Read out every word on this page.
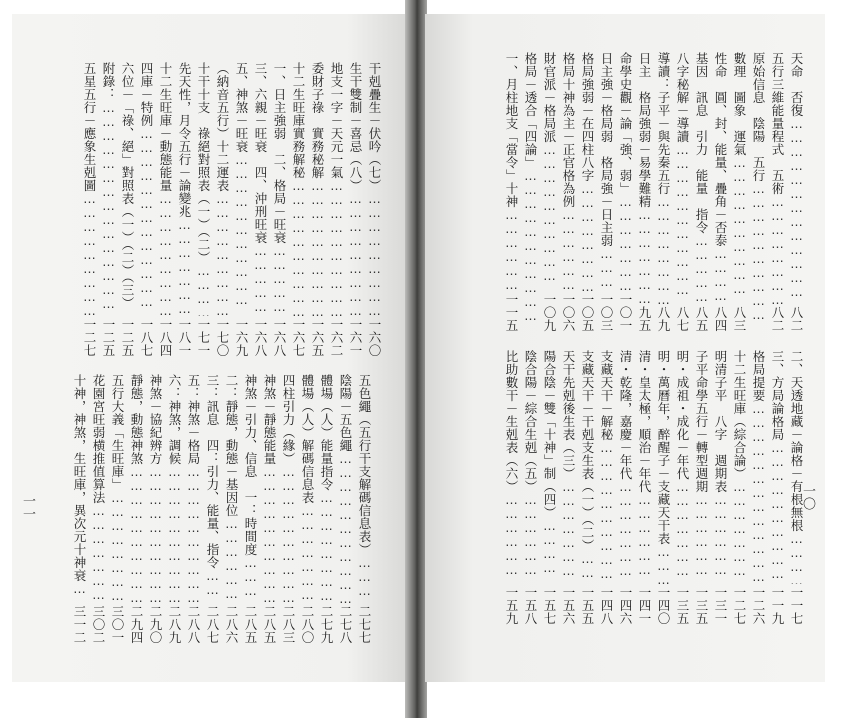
干剋疊生－伏吟（七）
⋯⋯⋯⋯⋯⋯⋯⋯⋯⋯⋯⋯⋯⋯⋯⋯⋯⋯⋯⋯⋯⋯⋯⋯⋯⋯⋯⋯⋯
一六〇
生干雙制－喜忌（八）
⋯⋯⋯⋯⋯⋯⋯⋯⋯⋯⋯⋯⋯⋯⋯⋯⋯⋯⋯⋯⋯⋯⋯⋯⋯⋯⋯⋯⋯
一六一
地支一字－天元一氣
⋯⋯⋯⋯⋯⋯⋯⋯⋯⋯⋯⋯⋯⋯⋯⋯⋯⋯⋯⋯⋯⋯⋯⋯⋯⋯⋯⋯⋯
一六二
委財子祿　實務秘解
⋯⋯⋯⋯⋯⋯⋯⋯⋯⋯⋯⋯⋯⋯⋯⋯⋯⋯⋯⋯⋯⋯⋯⋯⋯⋯⋯⋯⋯
一六五
十二生旺庫實務解秘
⋯⋯⋯⋯⋯⋯⋯⋯⋯⋯⋯⋯⋯⋯⋯⋯⋯⋯⋯⋯⋯⋯⋯⋯⋯⋯⋯⋯⋯
一六七
一、日主強弱　二、格局－旺衰
⋯⋯⋯⋯⋯⋯⋯⋯⋯⋯⋯⋯⋯⋯⋯⋯⋯⋯⋯⋯⋯⋯⋯⋯⋯⋯⋯⋯⋯
一六八
三、六親－旺衰　四、沖刑旺衰
⋯⋯⋯⋯⋯⋯⋯⋯⋯⋯⋯⋯⋯⋯⋯⋯⋯⋯⋯⋯⋯⋯⋯⋯⋯⋯⋯⋯⋯
一六八
五、神煞－旺衰
⋯⋯⋯⋯⋯⋯⋯⋯⋯⋯⋯⋯⋯⋯⋯⋯⋯⋯⋯⋯⋯⋯⋯⋯⋯⋯⋯⋯⋯
一六九
（納音五行）十二運表
⋯⋯⋯⋯⋯⋯⋯⋯⋯⋯⋯⋯⋯⋯⋯⋯⋯⋯⋯⋯⋯⋯⋯⋯⋯⋯⋯⋯⋯
一七〇
十干十支　祿絕對照表（一）（二）
⋯⋯⋯⋯⋯⋯⋯⋯⋯⋯⋯⋯⋯⋯⋯⋯⋯⋯⋯⋯⋯⋯⋯⋯⋯⋯⋯⋯⋯
一七一
先天性，月令五行－論變兆
⋯⋯⋯⋯⋯⋯⋯⋯⋯⋯⋯⋯⋯⋯⋯⋯⋯⋯⋯⋯⋯⋯⋯⋯⋯⋯⋯⋯⋯
一八一
十二生旺庫－動態能量
⋯⋯⋯⋯⋯⋯⋯⋯⋯⋯⋯⋯⋯⋯⋯⋯⋯⋯⋯⋯⋯⋯⋯⋯⋯⋯⋯⋯⋯
一八四
四庫－特例
⋯⋯⋯⋯⋯⋯⋯⋯⋯⋯⋯⋯⋯⋯⋯⋯⋯⋯⋯⋯⋯⋯⋯⋯⋯⋯⋯⋯⋯
一八七
六位－「祿、絕」對照表（一）（二）（三）
⋯⋯⋯⋯⋯⋯⋯⋯⋯⋯⋯⋯⋯⋯⋯⋯⋯⋯⋯⋯⋯⋯⋯⋯⋯⋯⋯⋯⋯
一二五
附錄：
⋯⋯⋯⋯⋯⋯⋯⋯⋯⋯⋯⋯⋯⋯⋯⋯⋯⋯⋯⋯⋯⋯⋯⋯⋯⋯⋯⋯⋯
一二五
五星五行－應象生剋圖
⋯⋯⋯⋯⋯⋯⋯⋯⋯⋯⋯⋯⋯⋯⋯⋯⋯⋯⋯⋯⋯⋯⋯⋯⋯⋯⋯⋯⋯
一二七
五色繩（五行干支解碼信息表）
⋯⋯⋯⋯⋯⋯⋯⋯⋯⋯⋯⋯⋯⋯⋯⋯⋯⋯⋯⋯⋯⋯⋯⋯⋯⋯⋯⋯⋯
二七七
陰陽－五色繩
⋯⋯⋯⋯⋯⋯⋯⋯⋯⋯⋯⋯⋯⋯⋯⋯⋯⋯⋯⋯⋯⋯⋯⋯⋯⋯⋯⋯⋯
二七八
體場（人）能量指令
⋯⋯⋯⋯⋯⋯⋯⋯⋯⋯⋯⋯⋯⋯⋯⋯⋯⋯⋯⋯⋯⋯⋯⋯⋯⋯⋯⋯⋯
二七九
體場（人）解碼信息表
⋯⋯⋯⋯⋯⋯⋯⋯⋯⋯⋯⋯⋯⋯⋯⋯⋯⋯⋯⋯⋯⋯⋯⋯⋯⋯⋯⋯⋯
二八〇
四柱引力（緣）
⋯⋯⋯⋯⋯⋯⋯⋯⋯⋯⋯⋯⋯⋯⋯⋯⋯⋯⋯⋯⋯⋯⋯⋯⋯⋯⋯⋯⋯
二八三
神煞－靜態能量
⋯⋯⋯⋯⋯⋯⋯⋯⋯⋯⋯⋯⋯⋯⋯⋯⋯⋯⋯⋯⋯⋯⋯⋯⋯⋯⋯⋯⋯
二八五
神煞－引力、信息　一：時間度
⋯⋯⋯⋯⋯⋯⋯⋯⋯⋯⋯⋯⋯⋯⋯⋯⋯⋯⋯⋯⋯⋯⋯⋯⋯⋯⋯⋯⋯
二八五
二：靜態，動態－基因位
⋯⋯⋯⋯⋯⋯⋯⋯⋯⋯⋯⋯⋯⋯⋯⋯⋯⋯⋯⋯⋯⋯⋯⋯⋯⋯⋯⋯⋯
二八六
三：訊息　四：引力、能量、指令
⋯⋯⋯⋯⋯⋯⋯⋯⋯⋯⋯⋯⋯⋯⋯⋯⋯⋯⋯⋯⋯⋯⋯⋯⋯⋯⋯⋯⋯
二八七
五：神煞－格局
⋯⋯⋯⋯⋯⋯⋯⋯⋯⋯⋯⋯⋯⋯⋯⋯⋯⋯⋯⋯⋯⋯⋯⋯⋯⋯⋯⋯⋯
二八八
六：神煞，調候
⋯⋯⋯⋯⋯⋯⋯⋯⋯⋯⋯⋯⋯⋯⋯⋯⋯⋯⋯⋯⋯⋯⋯⋯⋯⋯⋯⋯⋯
二八九
神煞－協紀辨方
⋯⋯⋯⋯⋯⋯⋯⋯⋯⋯⋯⋯⋯⋯⋯⋯⋯⋯⋯⋯⋯⋯⋯⋯⋯⋯⋯⋯⋯
二九〇
靜態，動態神煞
⋯⋯⋯⋯⋯⋯⋯⋯⋯⋯⋯⋯⋯⋯⋯⋯⋯⋯⋯⋯⋯⋯⋯⋯⋯⋯⋯⋯⋯
二九四
五行大義「生旺庫」
⋯⋯⋯⋯⋯⋯⋯⋯⋯⋯⋯⋯⋯⋯⋯⋯⋯⋯⋯⋯⋯⋯⋯⋯⋯⋯⋯⋯⋯
三〇一
花園宮旺弱横推值算法
⋯⋯⋯⋯⋯⋯⋯⋯⋯⋯⋯⋯⋯⋯⋯⋯⋯⋯⋯⋯⋯⋯⋯⋯⋯⋯⋯⋯⋯
三〇二
十神，神煞，生旺庫，異次元十神衰
⋯⋯⋯⋯⋯⋯⋯⋯⋯⋯⋯⋯⋯⋯⋯⋯⋯⋯⋯⋯⋯⋯⋯⋯⋯⋯⋯⋯⋯
三一二
一一
天命　否復
⋯⋯⋯⋯⋯⋯⋯⋯⋯⋯⋯⋯⋯⋯⋯⋯⋯⋯⋯⋯⋯⋯⋯⋯⋯⋯⋯⋯⋯
八二
五行三維能量程式　五術
⋯⋯⋯⋯⋯⋯⋯⋯⋯⋯⋯⋯⋯⋯⋯⋯⋯⋯⋯⋯⋯⋯⋯⋯⋯⋯⋯⋯⋯
八二
原始信息　陰陽　五行
⋯⋯⋯⋯⋯⋯⋯⋯⋯⋯⋯⋯⋯⋯⋯⋯⋯⋯⋯⋯⋯⋯⋯⋯⋯⋯⋯⋯⋯
數理　圖象　運氣
⋯⋯⋯⋯⋯⋯⋯⋯⋯⋯⋯⋯⋯⋯⋯⋯⋯⋯⋯⋯⋯⋯⋯⋯⋯⋯⋯⋯⋯
八三
性命　圓、封、能量、疊角－否泰
⋯⋯⋯⋯⋯⋯⋯⋯⋯⋯⋯⋯⋯⋯⋯⋯⋯⋯⋯⋯⋯⋯⋯⋯⋯⋯⋯⋯⋯
八四
基因　訊息　引力　能量　指令
⋯⋯⋯⋯⋯⋯⋯⋯⋯⋯⋯⋯⋯⋯⋯⋯⋯⋯⋯⋯⋯⋯⋯⋯⋯⋯⋯⋯⋯
八五
八字秘解－導讀
⋯⋯⋯⋯⋯⋯⋯⋯⋯⋯⋯⋯⋯⋯⋯⋯⋯⋯⋯⋯⋯⋯⋯⋯⋯⋯⋯⋯⋯
八七
導讀：子平－與先秦五行
⋯⋯⋯⋯⋯⋯⋯⋯⋯⋯⋯⋯⋯⋯⋯⋯⋯⋯⋯⋯⋯⋯⋯⋯⋯⋯⋯⋯⋯
八九
日主　格局強弱－易學難精
⋯⋯⋯⋯⋯⋯⋯⋯⋯⋯⋯⋯⋯⋯⋯⋯⋯⋯⋯⋯⋯⋯⋯⋯⋯⋯⋯⋯⋯
九五
命學史觀－論「強、弱」
⋯⋯⋯⋯⋯⋯⋯⋯⋯⋯⋯⋯⋯⋯⋯⋯⋯⋯⋯⋯⋯⋯⋯⋯⋯⋯⋯⋯⋯
一〇一
日主強－格局弱　格局強－日主弱
⋯⋯⋯⋯⋯⋯⋯⋯⋯⋯⋯⋯⋯⋯⋯⋯⋯⋯⋯⋯⋯⋯⋯⋯⋯⋯⋯⋯⋯
一〇三
格局強弱－在四柱八字
⋯⋯⋯⋯⋯⋯⋯⋯⋯⋯⋯⋯⋯⋯⋯⋯⋯⋯⋯⋯⋯⋯⋯⋯⋯⋯⋯⋯⋯
一〇五
格局十神為主－正官格為例
⋯⋯⋯⋯⋯⋯⋯⋯⋯⋯⋯⋯⋯⋯⋯⋯⋯⋯⋯⋯⋯⋯⋯⋯⋯⋯⋯⋯⋯
一〇六
財官派－格局派
⋯⋯⋯⋯⋯⋯⋯⋯⋯⋯⋯⋯⋯⋯⋯⋯⋯⋯⋯⋯⋯⋯⋯⋯⋯⋯⋯⋯⋯
一〇九
格局－透合「四論」
⋯⋯⋯⋯⋯⋯⋯⋯⋯⋯⋯⋯⋯⋯⋯⋯⋯⋯⋯⋯⋯⋯⋯⋯⋯⋯⋯⋯⋯
一、月柱地支「當令」十神
⋯⋯⋯⋯⋯⋯⋯⋯⋯⋯⋯⋯⋯⋯⋯⋯⋯⋯⋯⋯⋯⋯⋯⋯⋯⋯⋯⋯⋯
一一五
二、天透地藏－論格－有根無根
⋯⋯⋯⋯⋯⋯⋯⋯⋯⋯⋯⋯⋯⋯⋯⋯⋯⋯⋯⋯⋯⋯⋯⋯⋯⋯⋯⋯⋯
一一七
三、方局論格局
⋯⋯⋯⋯⋯⋯⋯⋯⋯⋯⋯⋯⋯⋯⋯⋯⋯⋯⋯⋯⋯⋯⋯⋯⋯⋯⋯⋯⋯
一一九
格局提要
⋯⋯⋯⋯⋯⋯⋯⋯⋯⋯⋯⋯⋯⋯⋯⋯⋯⋯⋯⋯⋯⋯⋯⋯⋯⋯⋯⋯⋯
一二六
十二生旺庫（綜合論）
⋯⋯⋯⋯⋯⋯⋯⋯⋯⋯⋯⋯⋯⋯⋯⋯⋯⋯⋯⋯⋯⋯⋯⋯⋯⋯⋯⋯⋯
一二七
明清子平　八字　週期表
⋯⋯⋯⋯⋯⋯⋯⋯⋯⋯⋯⋯⋯⋯⋯⋯⋯⋯⋯⋯⋯⋯⋯⋯⋯⋯⋯⋯⋯
一三一
子平命學五行－轉型週期
⋯⋯⋯⋯⋯⋯⋯⋯⋯⋯⋯⋯⋯⋯⋯⋯⋯⋯⋯⋯⋯⋯⋯⋯⋯⋯⋯⋯⋯
一三五
明・成祖・成化－年代
⋯⋯⋯⋯⋯⋯⋯⋯⋯⋯⋯⋯⋯⋯⋯⋯⋯⋯⋯⋯⋯⋯⋯⋯⋯⋯⋯⋯⋯
一三五
明・萬曆年，醉醒子－支藏天干表
⋯⋯⋯⋯⋯⋯⋯⋯⋯⋯⋯⋯⋯⋯⋯⋯⋯⋯⋯⋯⋯⋯⋯⋯⋯⋯⋯⋯⋯
一四〇
清・皇太極，順治－年代
⋯⋯⋯⋯⋯⋯⋯⋯⋯⋯⋯⋯⋯⋯⋯⋯⋯⋯⋯⋯⋯⋯⋯⋯⋯⋯⋯⋯⋯
一四一
清・乾隆，嘉慶－年代
⋯⋯⋯⋯⋯⋯⋯⋯⋯⋯⋯⋯⋯⋯⋯⋯⋯⋯⋯⋯⋯⋯⋯⋯⋯⋯⋯⋯⋯
一四六
支藏天干－解秘
⋯⋯⋯⋯⋯⋯⋯⋯⋯⋯⋯⋯⋯⋯⋯⋯⋯⋯⋯⋯⋯⋯⋯⋯⋯⋯⋯⋯⋯
一四八
支藏天干－干剋支生表（一）（二）
⋯⋯⋯⋯⋯⋯⋯⋯⋯⋯⋯⋯⋯⋯⋯⋯⋯⋯⋯⋯⋯⋯⋯⋯⋯⋯⋯⋯⋯
一五五
天干先剋後生表（三）
⋯⋯⋯⋯⋯⋯⋯⋯⋯⋯⋯⋯⋯⋯⋯⋯⋯⋯⋯⋯⋯⋯⋯⋯⋯⋯⋯⋯⋯
一五六
陽合陰－雙「十神」制（四）
⋯⋯⋯⋯⋯⋯⋯⋯⋯⋯⋯⋯⋯⋯⋯⋯⋯⋯⋯⋯⋯⋯⋯⋯⋯⋯⋯⋯⋯
一五七
陰合陽－綜合生剋（五）
⋯⋯⋯⋯⋯⋯⋯⋯⋯⋯⋯⋯⋯⋯⋯⋯⋯⋯⋯⋯⋯⋯⋯⋯⋯⋯⋯⋯⋯
一五八
比助數干－生剋表（六）
⋯⋯⋯⋯⋯⋯⋯⋯⋯⋯⋯⋯⋯⋯⋯⋯⋯⋯⋯⋯⋯⋯⋯⋯⋯⋯⋯⋯⋯
一五九
一〇
